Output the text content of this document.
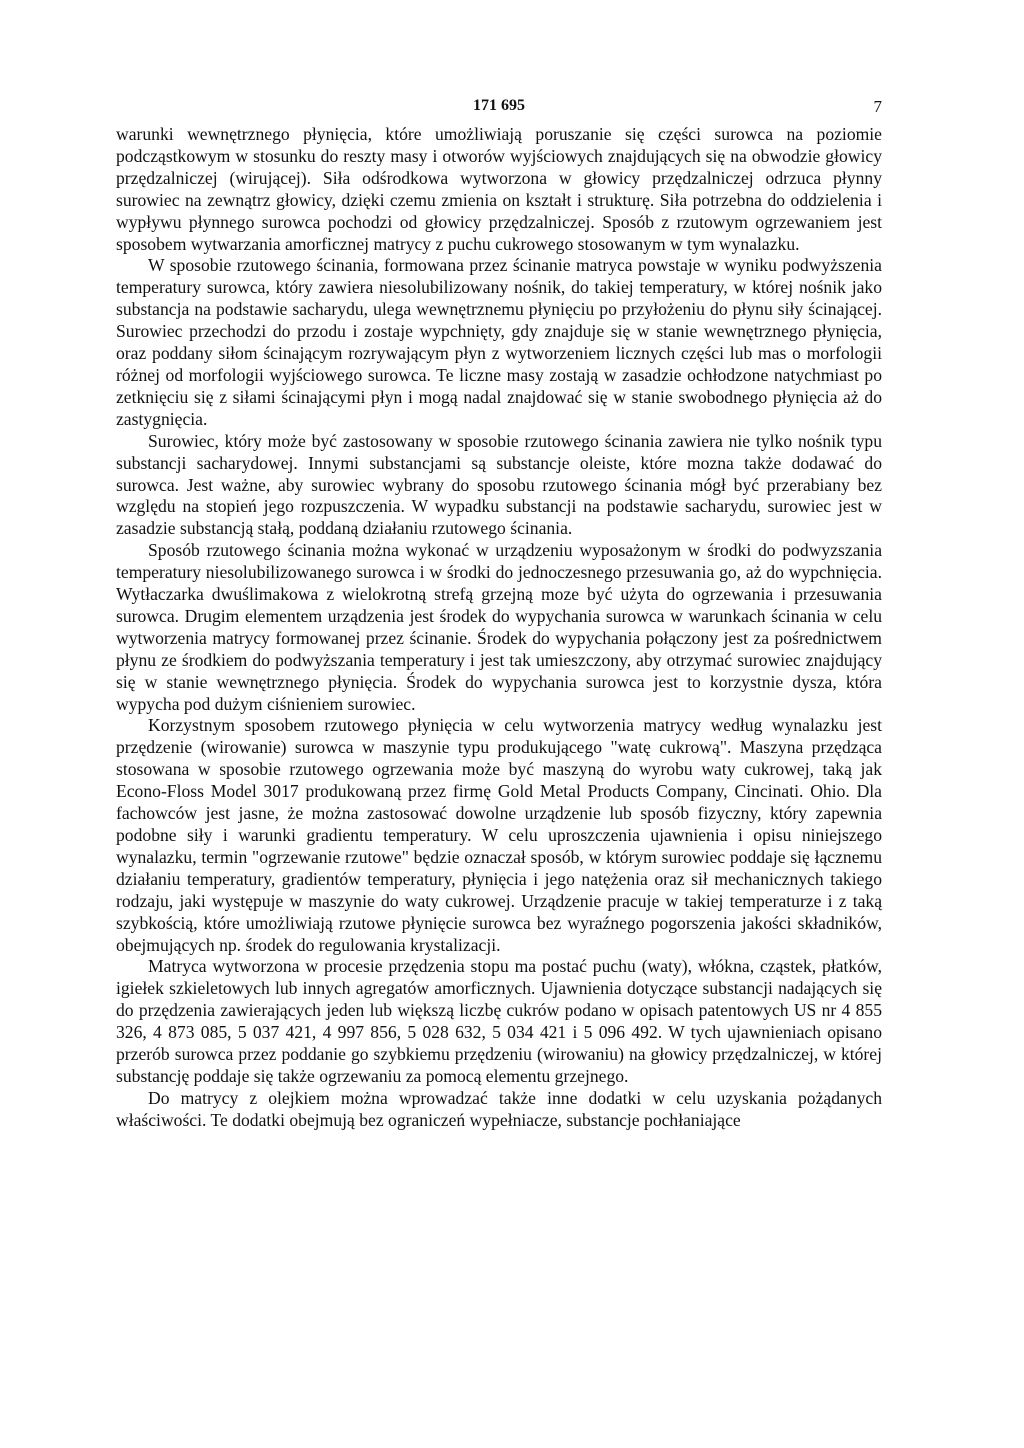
171 695	7

warunki wewnętrznego płynięcia, które umożliwiają poruszanie się części surowca na poziomie podcząstkowym w stosunku do reszty masy i otworów wyjściowych znajdujących się na obwodzie głowicy przędzalniczej (wirującej). Siła odśrodkowa wytworzona w głowicy przędzalniczej odrzuca płynny surowiec na zewnątrz głowicy, dzięki czemu zmienia on kształt i strukturę. Siła potrzebna do oddzielenia i wypływu płynnego surowca pochodzi od głowicy przędzalniczej. Sposób z rzutowym ogrzewaniem jest sposobem wytwarzania amorficznej matrycy z puchu cukrowego stosowanym w tym wynalazku.

W sposobie rzutowego ścinania, formowana przez ścinanie matryca powstaje w wyniku podwyższenia temperatury surowca, który zawiera niesolubilizowany nośnik, do takiej temperatury, w której nośnik jako substancja na podstawie sacharydu, ulega wewnętrznemu płynięciu po przyłożeniu do płynu siły ścinającej. Surowiec przechodzi do przodu i zostaje wypchnięty, gdy znajduje się w stanie wewnętrznego płynięcia, oraz poddany siłom ścinającym rozrywającym płyn z wytworzeniem licznych części lub mas o morfologii różnej od morfologii wyjściowego surowca. Te liczne masy zostają w zasadzie ochłodzone natychmiast po zetknięciu się z siłami ścinającymi płyn i mogą nadal znajdować się w stanie swobodnego płynięcia aż do zastygnięcia.

Surowiec, który może być zastosowany w sposobie rzutowego ścinania zawiera nie tylko nośnik typu substancji sacharydowej. Innymi substancjami są substancje oleiste, które mozna także dodawać do surowca. Jest ważne, aby surowiec wybrany do sposobu rzutowego ścinania mógł być przerabiany bez względu na stopień jego rozpuszczenia. W wypadku substancji na podstawie sacharydu, surowiec jest w zasadzie substancją stałą, poddaną działaniu rzutowego ścinania.

Sposób rzutowego ścinania można wykonać w urządzeniu wyposażonym w środki do podwyzszania temperatury niesolubilizowanego surowca i w środki do jednoczesnego przesuwania go, aż do wypchnięcia. Wytłaczarka dwuślimakowa z wielokrotną strefą grzejną moze być użyta do ogrzewania i przesuwania surowca. Drugim elementem urządzenia jest środek do wypychania surowca w warunkach ścinania w celu wytworzenia matrycy formowanej przez ścinanie. Środek do wypychania połączony jest za pośrednictwem płynu ze środkiem do podwyższania temperatury i jest tak umieszczony, aby otrzymać surowiec znajdujący się w stanie wewnętrznego płynięcia. Środek do wypychania surowca jest to korzystnie dysza, która wypycha pod dużym ciśnieniem surowiec.

Korzystnym sposobem rzutowego płynięcia w celu wytworzenia matrycy według wynalazku jest przędzenie (wirowanie) surowca w maszynie typu produkującego "watę cukrową". Maszyna przędząca stosowana w sposobie rzutowego ogrzewania może być maszyną do wyrobu waty cukrowej, taką jak Econo-Floss Model 3017 produkowaną przez firmę Gold Metal Products Company, Cincinati. Ohio. Dla fachowców jest jasne, że można zastosować dowolne urządzenie lub sposób fizyczny, który zapewnia podobne siły i warunki gradientu temperatury. W celu uproszczenia ujawnienia i opisu niniejszego wynalazku, termin "ogrzewanie rzutowe" będzie oznaczał sposób, w którym surowiec poddaje się łącznemu działaniu temperatury, gradientów temperatury, płynięcia i jego natężenia oraz sił mechanicznych takiego rodzaju, jaki występuje w maszynie do waty cukrowej. Urządzenie pracuje w takiej temperaturze i z taką szybkością, które umożliwiają rzutowe płynięcie surowca bez wyraźnego pogorszenia jakości składników, obejmujących np. środek do regulowania krystalizacji.

Matryca wytworzona w procesie przędzenia stopu ma postać puchu (waty), włókna, cząstek, płatków, igiełek szkieletowych lub innych agregatów amorficznych. Ujawnienia dotyczące substancji nadających się do przędzenia zawierających jeden lub większą liczbę cukrów podano w opisach patentowych US nr 4 855 326, 4 873 085, 5 037 421, 4 997 856, 5 028 632, 5 034 421 i 5 096 492. W tych ujawnieniach opisano przerób surowca przez poddanie go szybkiemu przędzeniu (wirowaniu) na głowicy przędzalniczej, w której substancję poddaje się także ogrzewaniu za pomocą elementu grzejnego.

Do matrycy z olejkiem można wprowadzać także inne dodatki w celu uzyskania pożądanych właściwości. Te dodatki obejmują bez ograniczeń wypełniacze, substancje pochłaniające
